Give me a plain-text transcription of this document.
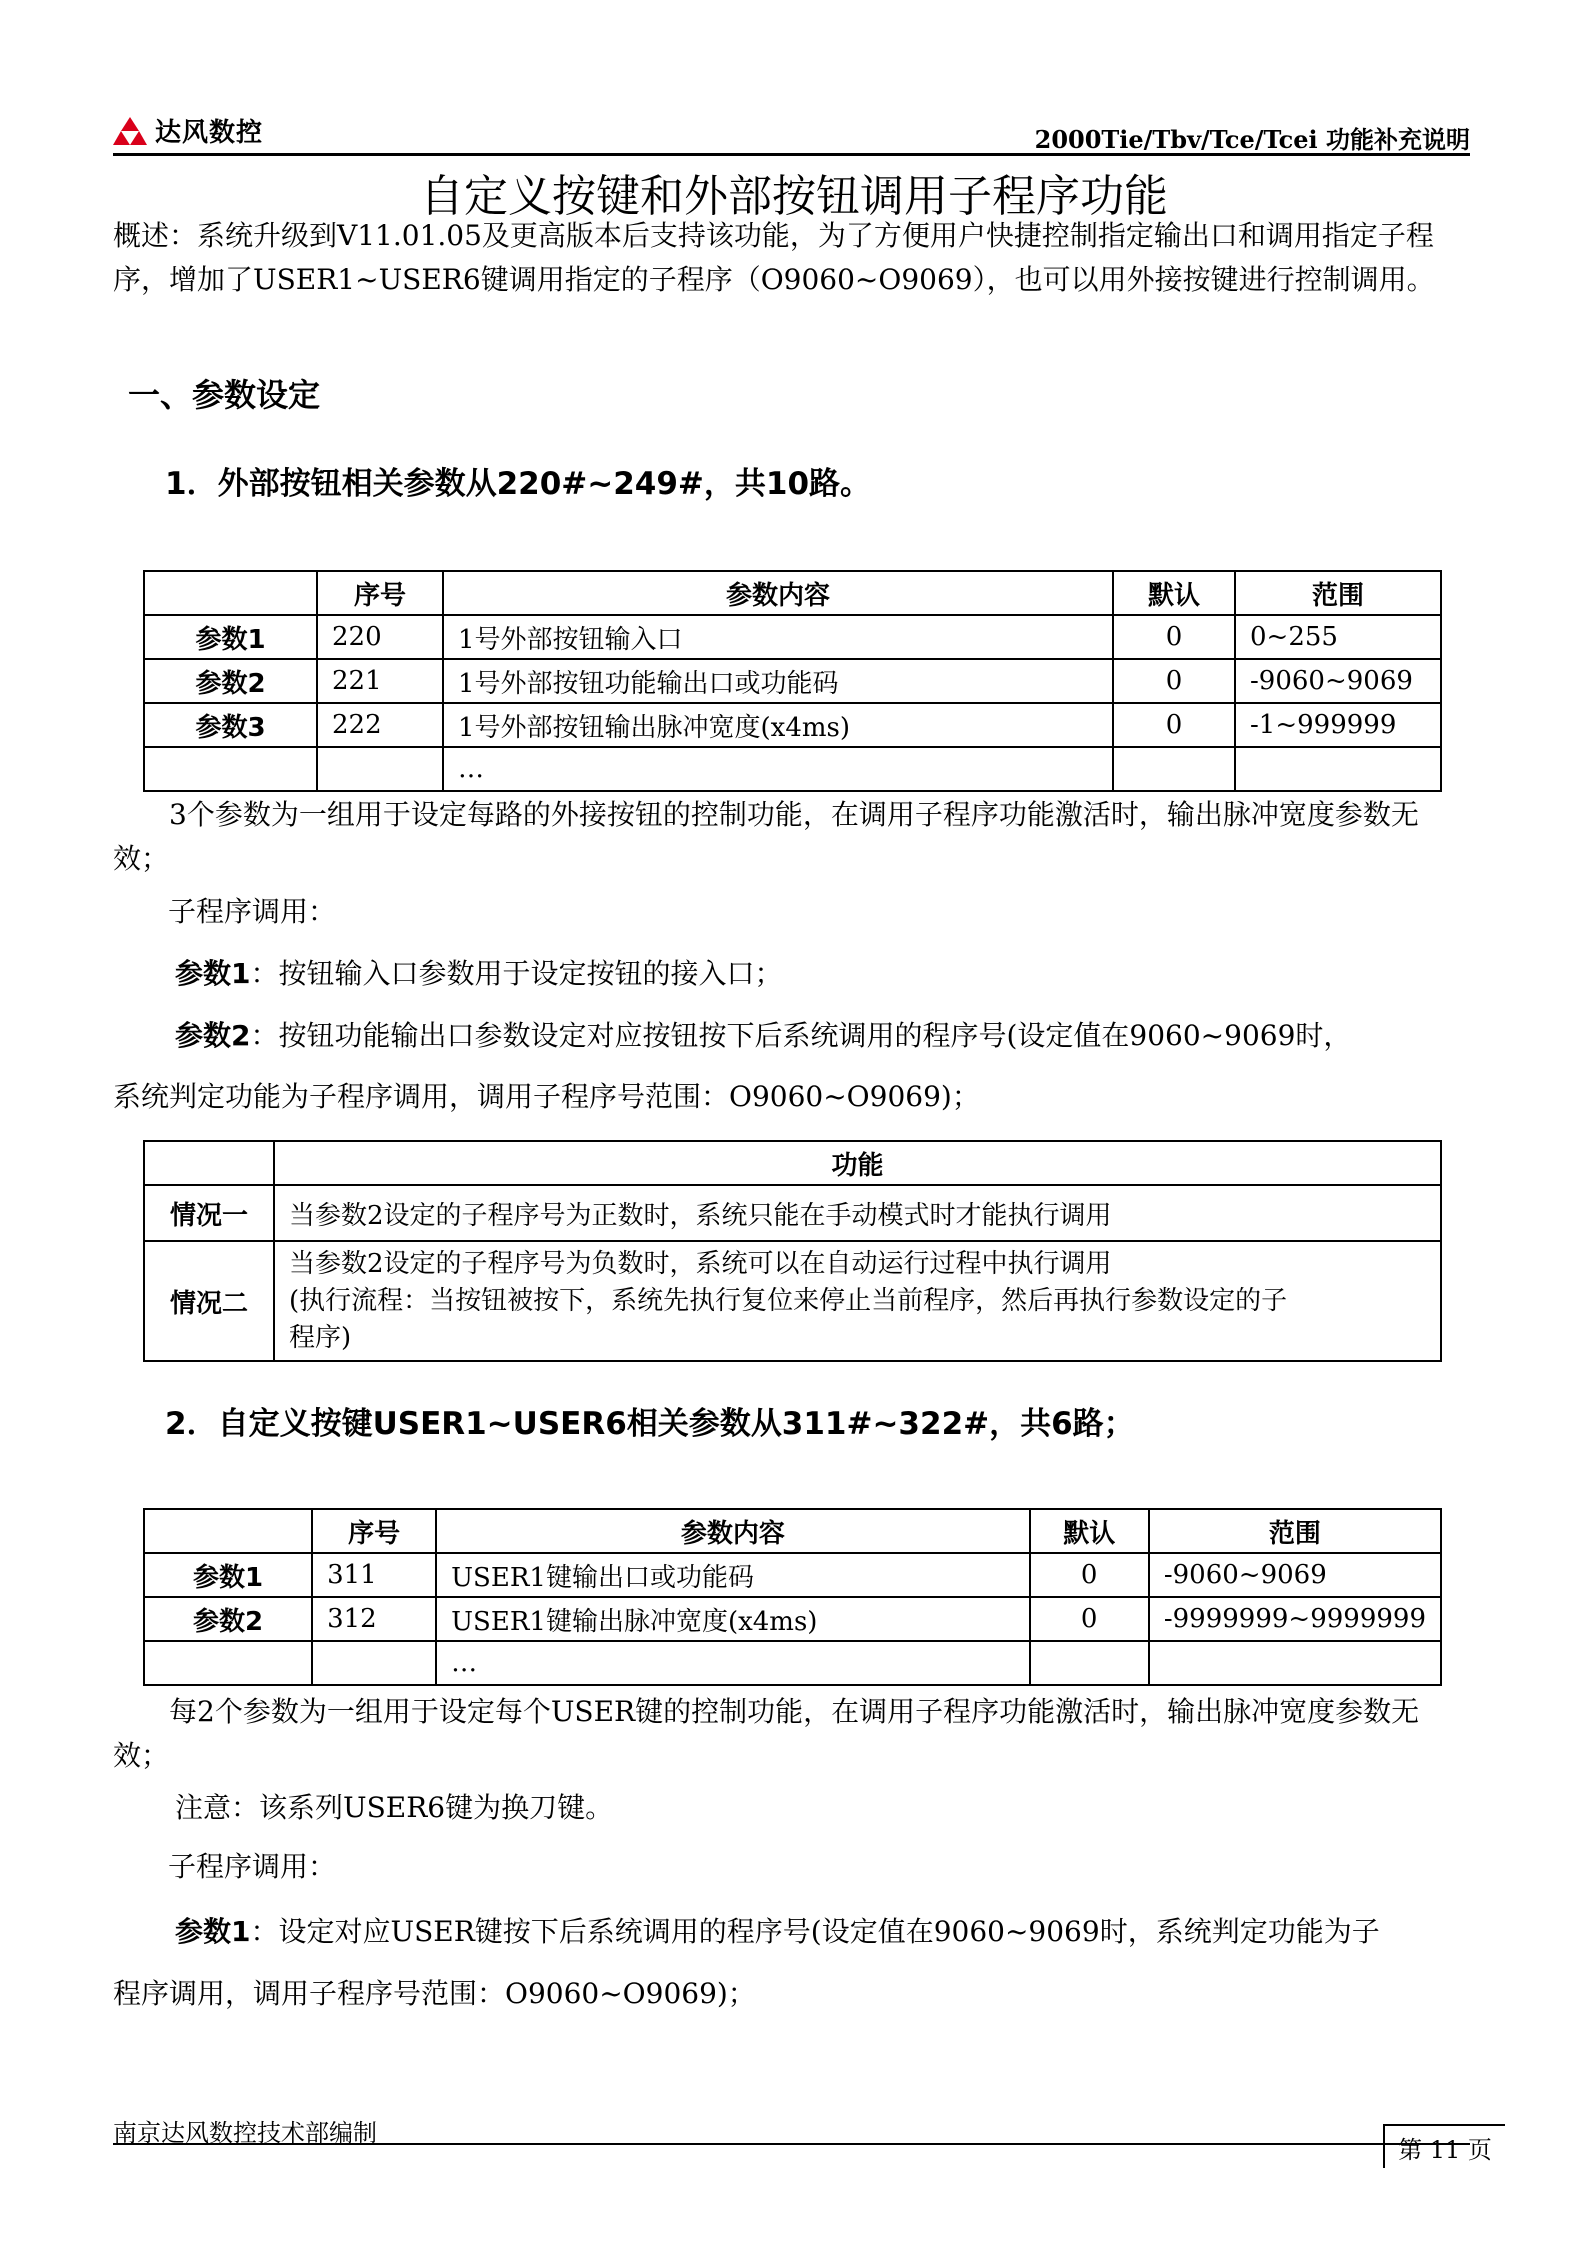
达风数控	2000Tie/Tbv/Tce/Tcei 功能补充说明
自定义按键和外部按钮调用子程序功能
概述：系统升级到V11.01.05及更高版本后支持该功能，为了方便用户快捷控制指定输出口和调用指定子程序，增加了USER1~USER6键调用指定的子程序（O9060~O9069），也可以用外接按键进行控制调用。
一、参数设定
1．外部按钮相关参数从220#~249#，共10路。
	序号	参数内容	默认	范围
参数1	220	1号外部按钮输入口	0	0~255
参数2	221	1号外部按钮功能输出口或功能码	0	-9060~9069
参数3	222	1号外部按钮输出脉冲宽度(x4ms)	0	-1~999999
		…		
3个参数为一组用于设定每路的外接按钮的控制功能，在调用子程序功能激活时，输出脉冲宽度参数无效；
子程序调用：
参数1：按钮输入口参数用于设定按钮的接入口；
参数2：按钮功能输出口参数设定对应按钮按下后系统调用的程序号(设定值在9060~9069时，
系统判定功能为子程序调用，调用子程序号范围：O9060~O9069)；
	功能
情况一	当参数2设定的子程序号为正数时，系统只能在手动模式时才能执行调用
情况二	当参数2设定的子程序号为负数时，系统可以在自动运行过程中执行调用
(执行流程：当按钮被按下，系统先执行复位来停止当前程序，然后再执行参数设定的子
程序)
2．自定义按键USER1~USER6相关参数从311#~322#，共6路；
	序号	参数内容	默认	范围
参数1	311	USER1键输出口或功能码	0	-9060~9069
参数2	312	USER1键输出脉冲宽度(x4ms)	0	-9999999~9999999
		…		
每2个参数为一组用于设定每个USER键的控制功能，在调用子程序功能激活时，输出脉冲宽度参数无效；
注意：该系列USER6键为换刀键。
子程序调用：
参数1：设定对应USER键按下后系统调用的程序号(设定值在9060~9069时，系统判定功能为子
程序调用，调用子程序号范围：O9060~O9069)；
南京达风数控技术部编制
第 11 页
